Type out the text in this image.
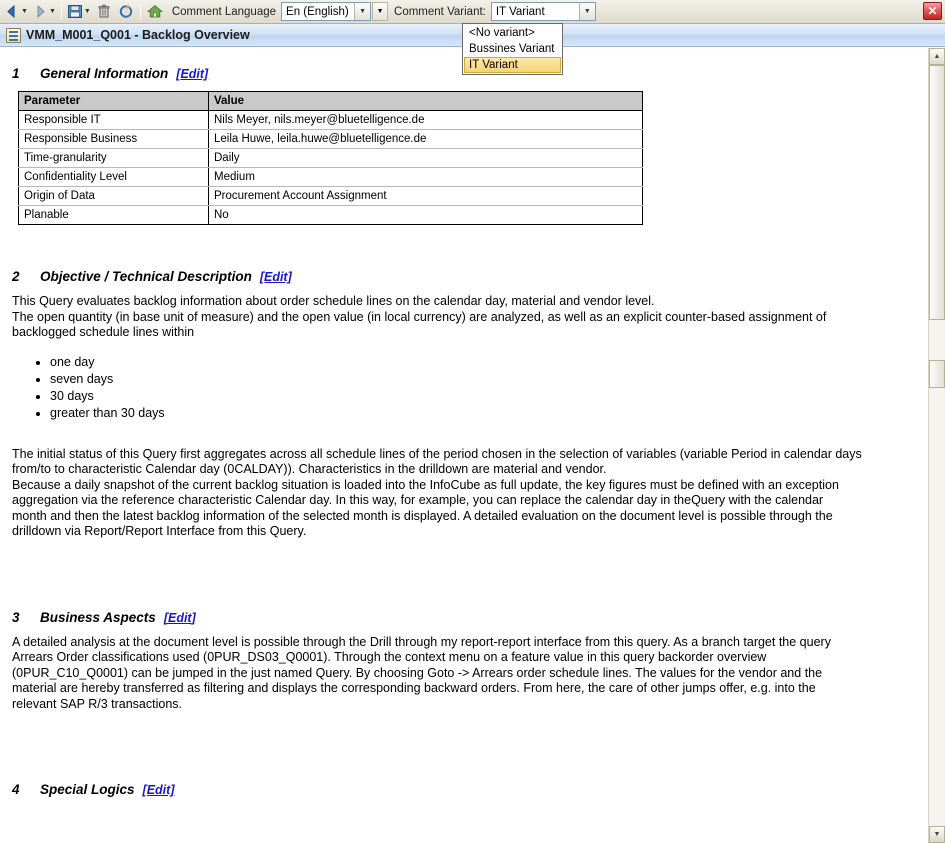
▼	▼	▼	Comment Language En (English)	▼	▼ Comment Variant: IT Variant	▼	✕
<No variant>
Bussines Variant
IT Variant
VMM_M001_Q001 - Backlog Overview
1	General Information [Edit]
Parameter	Value
Responsible IT	Nils Meyer, nils.meyer@bluetelligence.de
Responsible Business	Leila Huwe, leila.huwe@bluetelligence.de
Time-granularity	Daily
Confidentiality Level	Medium
Origin of Data	Procurement Account Assignment
Planable	No
2	Objective / Technical Description [Edit]

This Query evaluates backlog information about order schedule lines on the calendar day, material and vendor level.

The open quantity (in base unit of measure) and the open value (in local currency) are analyzed, as well as an explicit counter-based assignment of

backlogged schedule lines within

• one day
• seven days
• 30 days
• greater than 30 days

The initial status of this Query first aggregates across all schedule lines of the period chosen in the selection of variables (variable Period in calendar days

from/to to characteristic Calendar day (0CALDAY)). Characteristics in the drilldown are material and vendor.

Because a daily snapshot of the current backlog situation is loaded into the InfoCube as full update, the key figures must be defined with an exception

aggregation via the reference characteristic Calendar day. In this way, for example, you can replace the calendar day in theQuery with the calendar

month and then the latest backlog information of the selected month is displayed. A detailed evaluation on the document level is possible through the

drilldown via Report/Report Interface from this Query.

3	Business Aspects [Edit]

A detailed analysis at the document level is possible through the Drill through my report-report interface from this query. As a branch target the query

Arrears Order classifications used (0PUR_DS03_Q0001). Through the context menu on a feature value in this query backorder overview

(0PUR_C10_Q0001) can be jumped in the just named Query. By choosing Goto -> Arrears order schedule lines. The values for the vendor and the

material are hereby transferred as filtering and displays the corresponding backward orders. From here, the care of other jumps offer, e.g. into the

relevant SAP R/3 transactions.

4	Special Logics [Edit]
▲
▼
